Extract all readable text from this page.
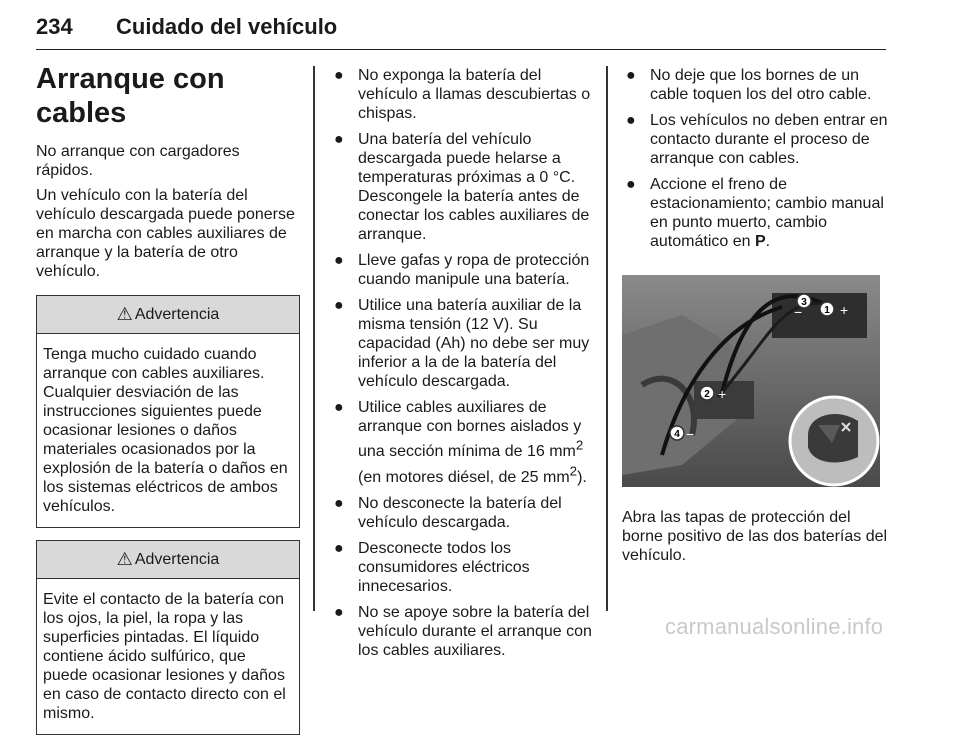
234 Cuidado del vehículo
Arranque con cables

No arranque con cargadores rápidos.

Un vehículo con la batería del vehículo descargada puede ponerse en marcha con cables auxiliares de arranque y la batería de otro vehículo.

⚠ Advertencia
Tenga mucho cuidado cuando arranque con cables auxiliares. Cualquier desviación de las instrucciones siguientes puede ocasionar lesiones o daños materiales ocasionados por la explosión de la batería o daños en los sistemas eléctricos de ambos vehículos.
⚠ Advertencia
Evite el contacto de la batería con los ojos, la piel, la ropa y las superficies pintadas. El líquido contiene ácido sulfúrico, que puede ocasionar lesiones y daños en caso de contacto directo con el mismo.
● No exponga la batería del vehículo a llamas descubiertas o chispas.
● Una batería del vehículo descargada puede helarse a temperaturas próximas a 0 °C. Descongele la batería antes de conectar los cables auxiliares de arranque.
● Lleve gafas y ropa de protección cuando manipule una batería.
● Utilice una batería auxiliar de la misma tensión (12 V). Su capacidad (Ah) no debe ser muy inferior a la de la batería del vehículo descargada.
● Utilice cables auxiliares de arranque con bornes aislados y una sección mínima de 16 $mm^2$ (en motores diésel, de 25 $mm^2$).
● No desconecte la batería del vehículo descargada.
● Desconecte todos los consumidores eléctricos innecesarios.
● No se apoye sobre la batería del vehículo durante el arranque con los cables auxiliares.
● No deje que los bornes de un cable toquen los del otro cable.
● Los vehículos no deben entrar en contacto durante el proceso de arranque con cables.
● Accione el freno de estacionamiento; cambio manual en punto muerto, cambio automático en P.
1 +
3
−
2 +
4 −

Abra las tapas de protección del borne positivo de las dos baterías del vehículo.

carmanualsonline.info
